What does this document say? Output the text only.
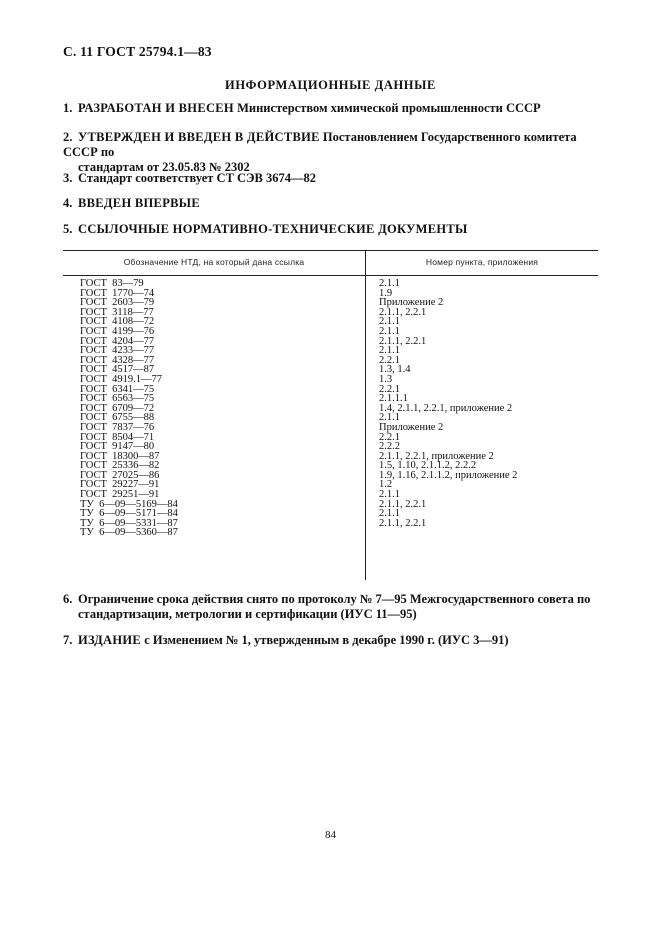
С. 11 ГОСТ 25794.1—83
ИНФОРМАЦИОННЫЕ ДАННЫЕ
1. РАЗРАБОТАН И ВНЕСЕН Министерством химической промышленности СССР
2. УТВЕРЖДЕН И ВВЕДЕН В ДЕЙСТВИЕ Постановлением Государственного комитета СССР по
стандартам от 23.05.83 № 2302
3. Стандарт соответствует СТ СЭВ 3674—82
4. ВВЕДЕН ВПЕРВЫЕ
5. ССЫЛОЧНЫЕ НОРМАТИВНО-ТЕХНИЧЕСКИЕ ДОКУМЕНТЫ
Обозначение НТД, на который дана ссылка	Номер пункта, приложения
ГОСТ  83—79	2.1.1
ГОСТ  1770—74	1.9
ГОСТ  2603—79	Приложение 2
ГОСТ  3118—77	2.1.1, 2.2.1
ГОСТ  4108—72	2.1.1
ГОСТ  4199—76	2.1.1
ГОСТ  4204—77	2.1.1, 2.2.1
ГОСТ  4233—77	2.1.1
ГОСТ  4328—77	2.2.1
ГОСТ  4517—87	1.3, 1.4
ГОСТ  4919.1—77	1.3
ГОСТ  6341—75	2.2.1
ГОСТ  6563—75	2.1.1.1
ГОСТ  6709—72	1.4, 2.1.1, 2.2.1, приложение 2
ГОСТ  6755—88	2.1.1
ГОСТ  7837—76	Приложение 2
ГОСТ  8504—71	2.2.1
ГОСТ  9147—80	2.2.2
ГОСТ  18300—87	2.1.1, 2.2.1, приложение 2
ГОСТ  25336—82	1.5, 1.10, 2.1.1.2, 2.2.2
ГОСТ  27025—86	1.9, 1.16, 2.1.1.2, приложение 2
ГОСТ  29227—91	1.2
ГОСТ  29251—91	2.1.1
ТУ  6—09—5169—84	2.1.1, 2.2.1
ТУ  6—09—5171—84	2.1.1
ТУ  6—09—5331—87	2.1.1, 2.2.1
ТУ  6—09—5360—87
6. Ограничение срока действия снято по протоколу № 7—95 Межгосударственного совета по
стандартизации, метрологии и сертификации (ИУС 11—95)
7. ИЗДАНИЕ с Изменением № 1, утвержденным в декабре 1990 г. (ИУС 3—91)
84
